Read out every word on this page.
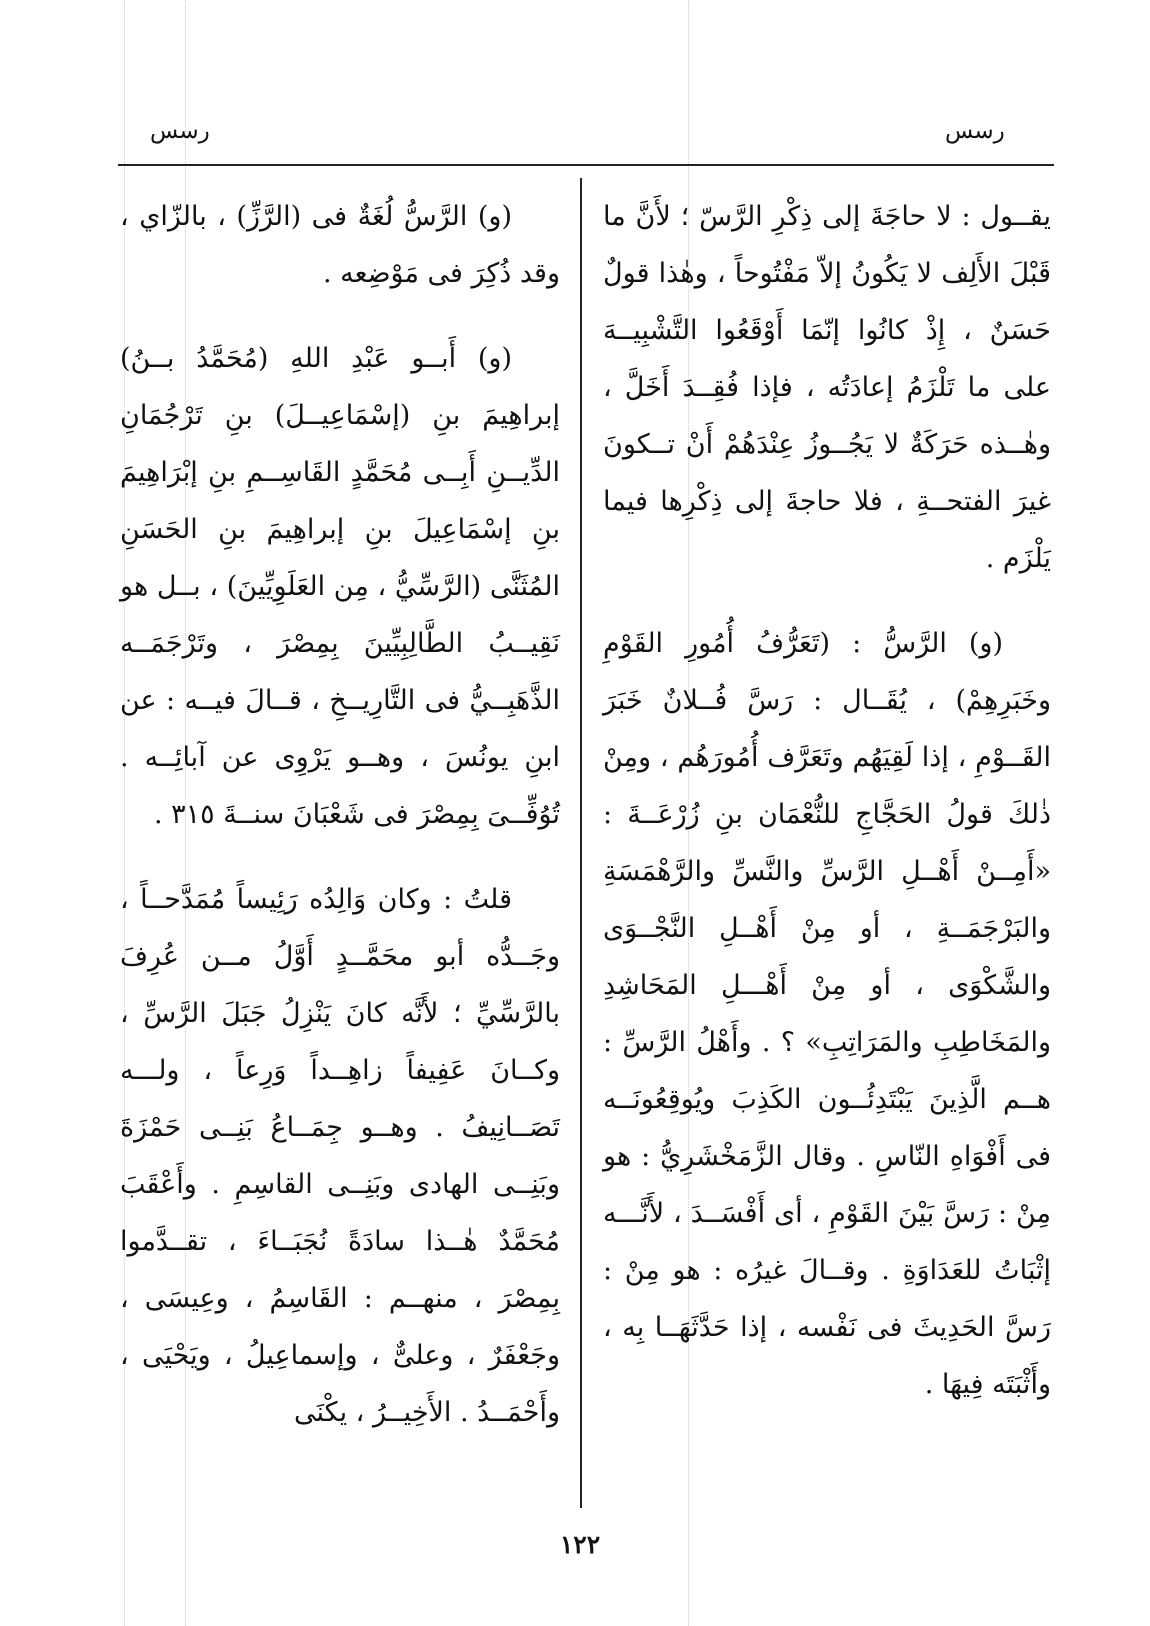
رسس
رسس

يقــول : لا حاجَةَ إلى ذِكْرِ الرَّسّ ؛ لأَنَّ ما قَبْلَ الأَلِف لا يَكُونُ إلاّ مَفْتُوحاً ، وهٰذا قولٌ حَسَنٌ ، إِذْ كانُوا إنّمَا أَوْقَعُوا التَّشْبِيــهَ على ما تَلْزَمُ إعادَتُه ، فإذا فُقِــدَ أَخَلَّ ، وهٰــذه حَرَكَةٌ لا يَجُــوزُ عِنْدَهُمْ أَنْ تــكونَ غيرَ الفتحــةِ ، فلا حاجةَ إلى ذِكْرِها فيما يَلْزَم .

(و) الرَّسُّ : (تَعَرُّفُ أُمُورِ القَوْمِ وخَبَرِهِمْ) ، يُقَــال : رَسَّ فُــلانٌ خَبَرَ القَــوْمِ ، إذا لَقِيَهُم وتَعَرَّف أُمُورَهُم ، ومِنْ ذٰلكَ قولُ الحَجَّاجِ للنُّعْمَان بنِ زُرْعَــةَ : «أَمِــنْ أَهْــلِ الرَّسِّ والنَّسِّ والرَّهْمَسَةِ والبَرْجَمَــةِ ، أو مِنْ أَهْــلِ النَّجْــوَى والشَّكْوَى ، أو مِنْ أَهْـــلِ المَحَاشِدِ والمَخَاطِبِ والمَرَاتِبِ» ؟ . وأَهْلُ الرَّسِّ : هــم الَّذِينَ يَبْتَدِئُــون الكَذِبَ ويُوقِعُونَــه فى أَفْوَاهِ النّاسِ . وقال الزَّمَخْشَرِيُّ : هو مِنْ : رَسَّ بَيْنَ القَوْمِ ، أى أَفْسَــدَ ، لأَنَّـــه إثْبَاتُ للعَدَاوَةِ . وقــالَ غيرُه : هو مِنْ : رَسَّ الحَدِيثَ فى نَفْسه ، إذا حَدَّثَهَــا بِه ، وأَثْبَتَه فِيهَا .

(و) الرَّسُّ لُغَةٌ فى (الرَّزِّ) ، بالزّاي ، وقد ذُكِرَ فى مَوْضِعه .

(و) أَبــو عَبْدِ اللهِ (مُحَمَّدُ بــنُ) إبراهِيمَ بنِ (إسْمَاعِيــلَ) بنِ تَرْجُمَانِ الدِّيــنِ أَبِــى مُحَمَّدٍ القَاسِــمِ بنِ إبْرَاهِيمَ بنِ إسْمَاعِيلَ بنِ إبراهِيمَ بنِ الحَسَنِ المُثَنَّى (الرَّسِّيُّ ، مِن العَلَوِيِّينَ) ، بــل هو نَقِيــبُ الطَّالِبِيِّينَ بِمِصْرَ ، وتَرْجَمَــه الذَّهَبِــيُّ فى التَّارِيــخِ ، قــالَ فيــه : عن ابنِ يونُسَ ، وهــو يَرْوِى عن آبائِــه . تُوُفِّــىَ بِمِصْرَ فى شَعْبَانَ سنــةَ ٣١٥ .

قلتُ : وكان وَالِدُه رَئِيساً مُمَدَّحــاً ، وجَــدُّه أبو محَمَّــدٍ أَوَّلُ مــن عُرِفَ بالرَّسِّيِّ ؛ لأَنَّه كانَ يَنْزِلُ جَبَلَ الرَّسِّ ، وكــانَ عَفِيفاً زاهِــداً وَرِعاً ، ولـــه تَصَــانِيفُ . وهــو جِمَــاعُ بَنِــى حَمْزَةَ وبَنِــى الهادى وبَنِــى القاسِمِ . وأَعْقَبَ مُحَمَّدٌ هٰــذا سادَةً نُجَبَــاءَ ، تقــدَّموا بِمِصْرَ ، منهــم : القَاسِمُ ، وعِيسَى ، وجَعْفَرٌ ، وعلىٌّ ، وإسماعِيلُ ، ويَحْيَى ، وأَحْمَــدُ . الأَخِيــرُ ، يكْنَى

١٢٢
